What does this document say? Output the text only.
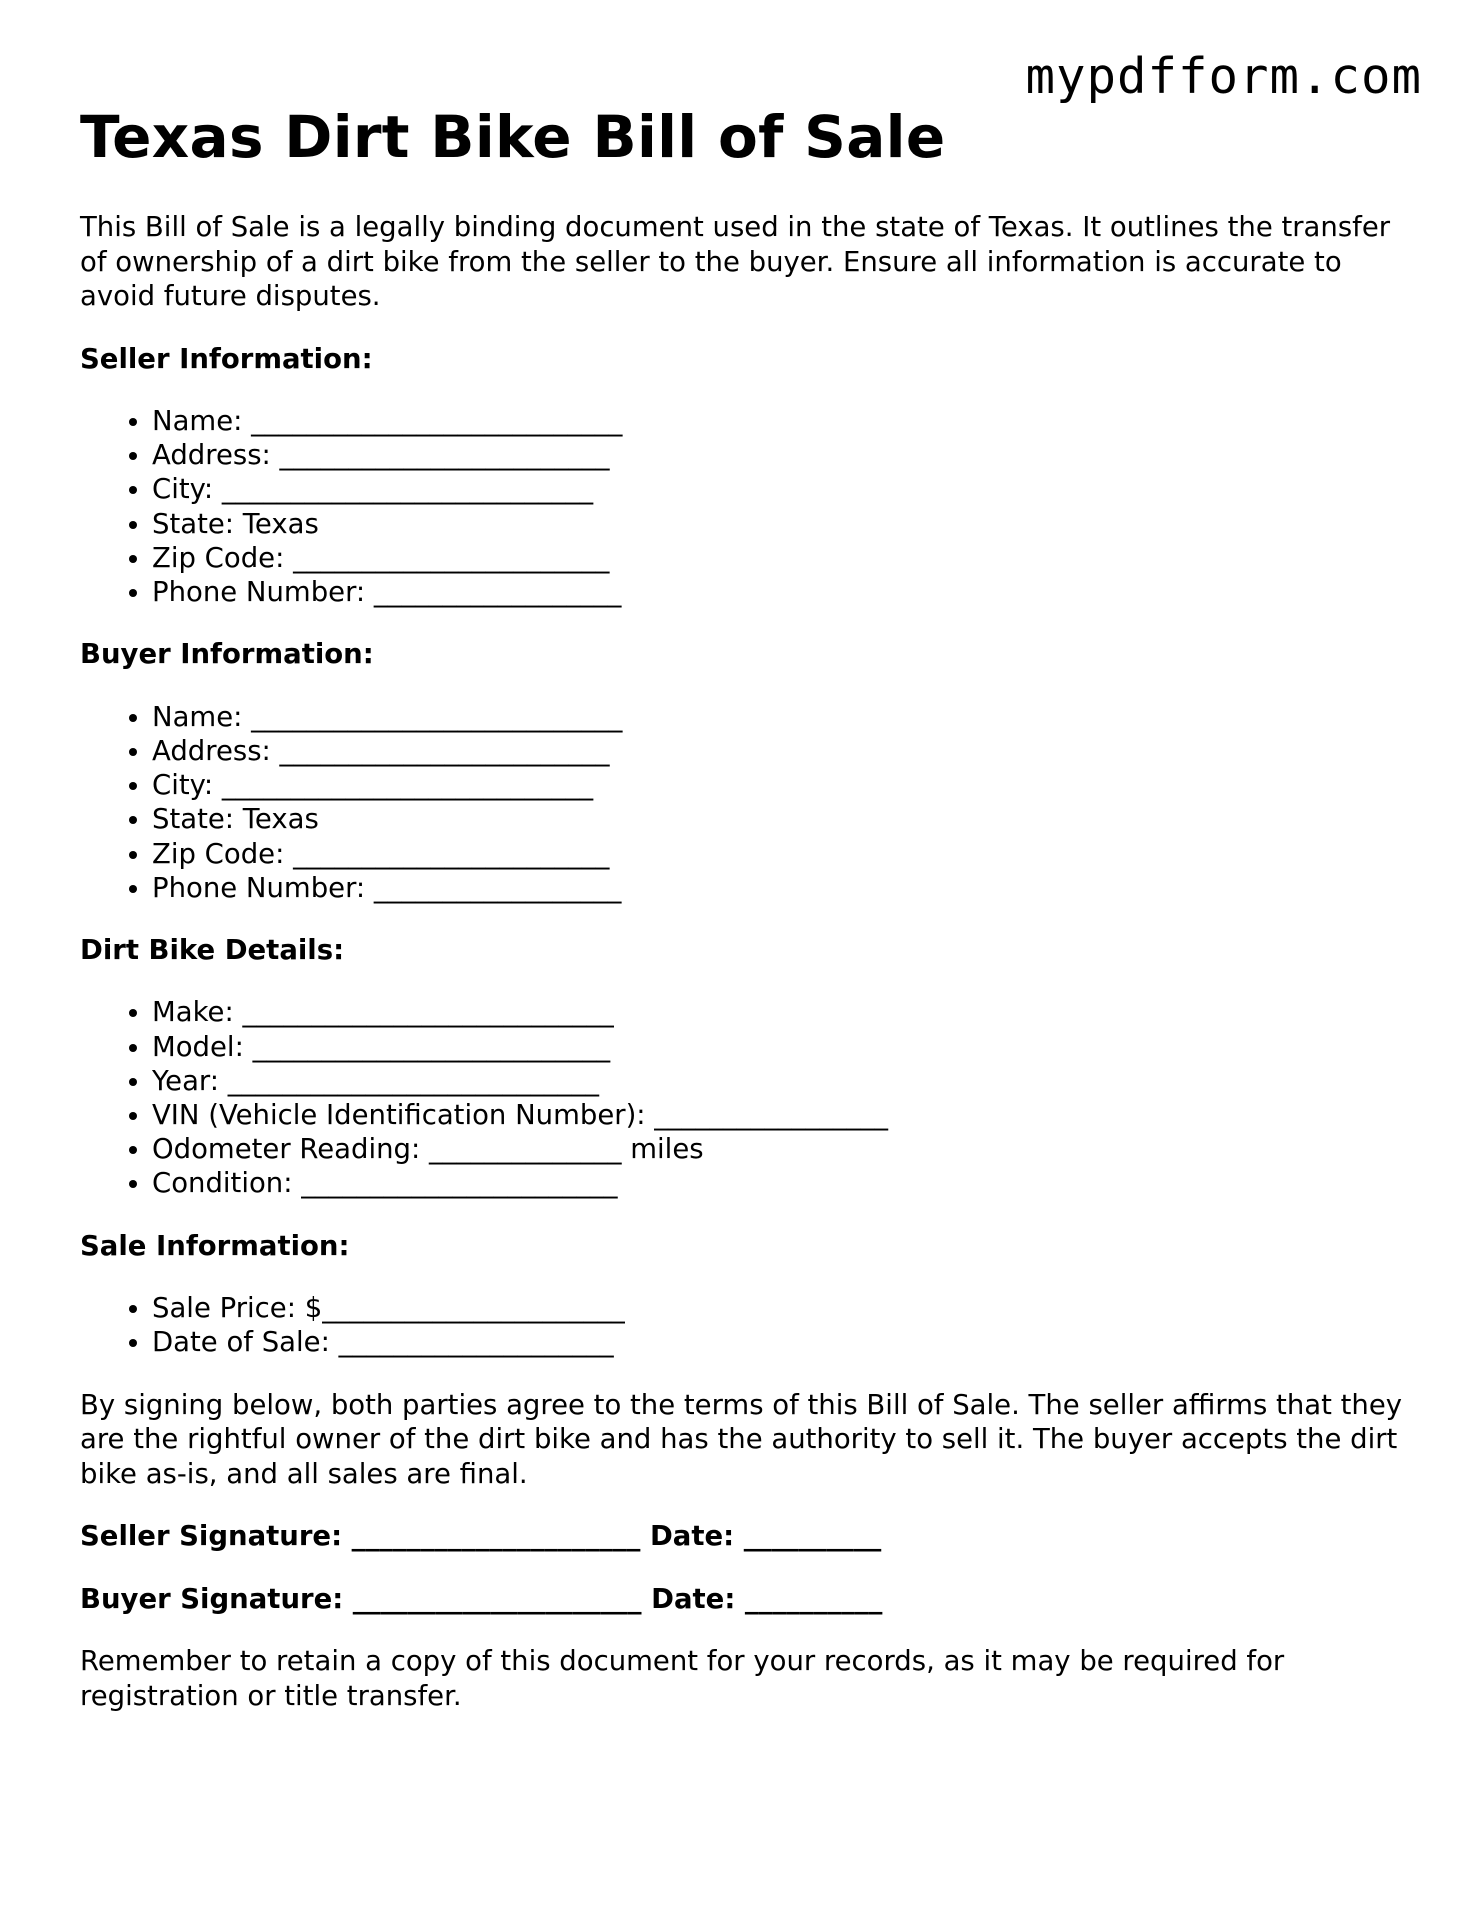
mypdfform.com
Texas Dirt Bike Bill of Sale

This Bill of Sale is a legally binding document used in the state of Texas. It outlines the transfer of ownership of a dirt bike from the seller to the buyer. Ensure all information is accurate to avoid future disputes.

Seller Information:
• Name: ___________________________
• Address: ________________________
• City: ___________________________
• State: Texas
• Zip Code: _______________________
• Phone Number: __________________
Buyer Information:
• Name: ___________________________
• Address: ________________________
• City: ___________________________
• State: Texas
• Zip Code: _______________________
• Phone Number: __________________
Dirt Bike Details:
• Make: ___________________________
• Model: __________________________
• Year: ___________________________
• VIN (Vehicle Identification Number): _________________
• Odometer Reading: ______________ miles
• Condition: _______________________
Sale Information:
• Sale Price: $______________________
• Date of Sale: ____________________

By signing below, both parties agree to the terms of this Bill of Sale. The seller affirms that they are the rightful owner of the dirt bike and has the authority to sell it. The buyer accepts the dirt bike as-is, and all sales are final.

Seller Signature: _____________________ Date: __________
Buyer Signature: _____________________ Date: __________

Remember to retain a copy of this document for your records, as it may be required for registration or title transfer.
